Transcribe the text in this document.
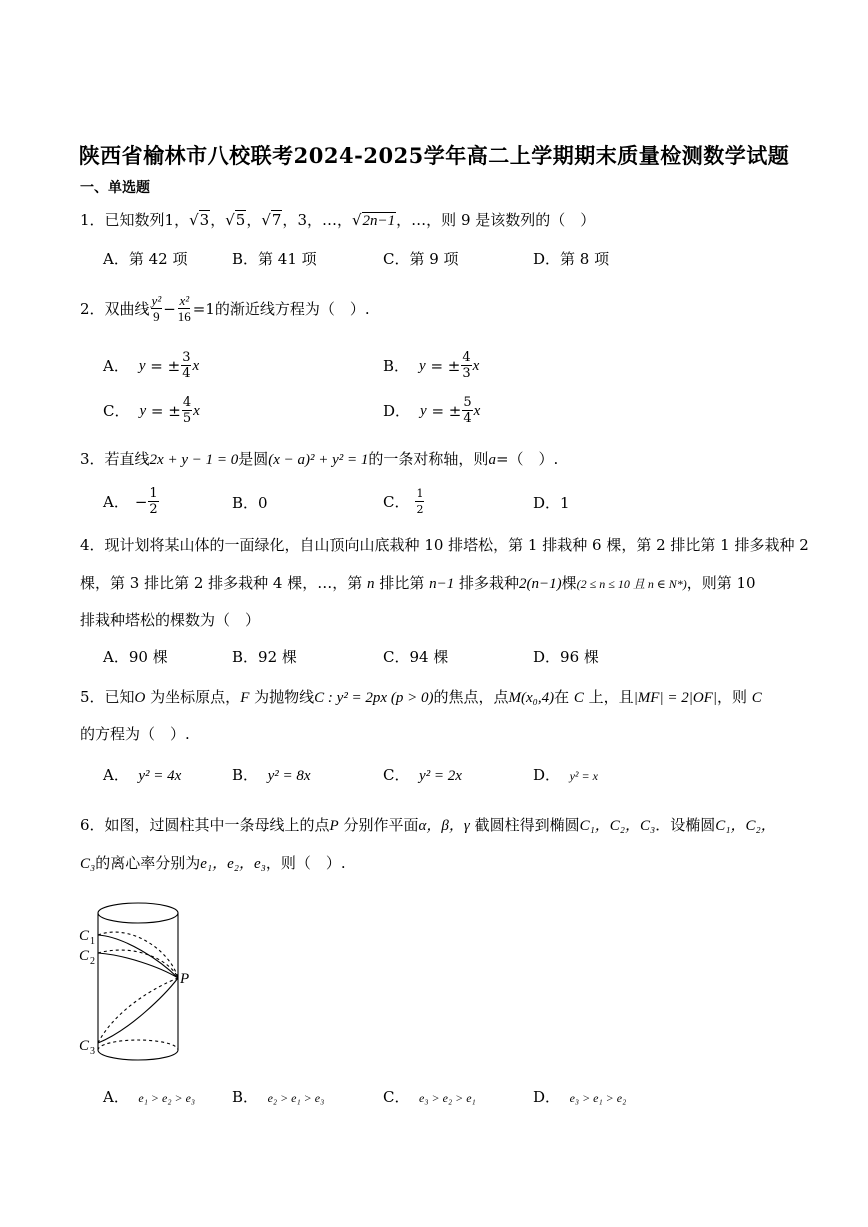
陕西省榆林市八校联考2024-2025学年高二上学期期末质量检测数学试题
一、单选题
1．已知数列1，√3，√5，√7，3，…，√2n−1，…，则 9 是该数列的（　）
A．第 42 项	B．第 41 项	C．第 9 项	D．第 8 项
2．双曲线 $\frac{\text{y²}}{9} - \frac{\text{x²}}{16} =1$ 的渐近线方程为（　）.
A． y = ± $\frac{3}{4}$ x	B． y = ± $\frac{4}{3}$ x
C． y = ± $\frac{4}{5}$ x	D． y = ± $\frac{5}{4}$ x
3．若直线2x + y − 1 = 0是圆(x − a)² + y² = 1的一条对称轴，则a=（　）.
A． − $\frac{1}{2}$	B．0	C． $\frac{1}{2}$	D．1
4．现计划将某山体的一面绿化，自山顶向山底栽种 10 排塔松，第 1 排栽种 6 棵，第 2 排比第 1 排多栽种 2
棵，第 3 排比第 2 排多栽种 4 棵，…，第 n 排比第 n−1 排多栽种2(n−1)棵(2 ≤ n ≤ 10 且 n ∈ N*)，则第 10
排栽种塔松的棵数为（　）
A．90 棵	B．92 棵	C．94 棵	D．96 棵
5．已知O 为坐标原点，F 为抛物线C : y² = 2px (p > 0)的焦点，点M(x₀,4)在 C 上，且|MF| = 2|OF|，则 C
的方程为（　）.
A． y² = 4x	B． y² = 8x	C． y² = 2x	D． y² = x
6．如图，过圆柱其中一条母线上的点P 分别作平面α，β，γ 截圆柱得到椭圆C₁，C₂，C₃．设椭圆C₁，C₂，
C₃的离心率分别为e₁，e₂，e₃，则（　）.
C 1
C 2
C 3
P
A． e₁ > e₂ > e₃ B． e₂ > e₁ > e₃	C． e₃ > e₂ > e₁	D． e₃ > e₁ > e₂
